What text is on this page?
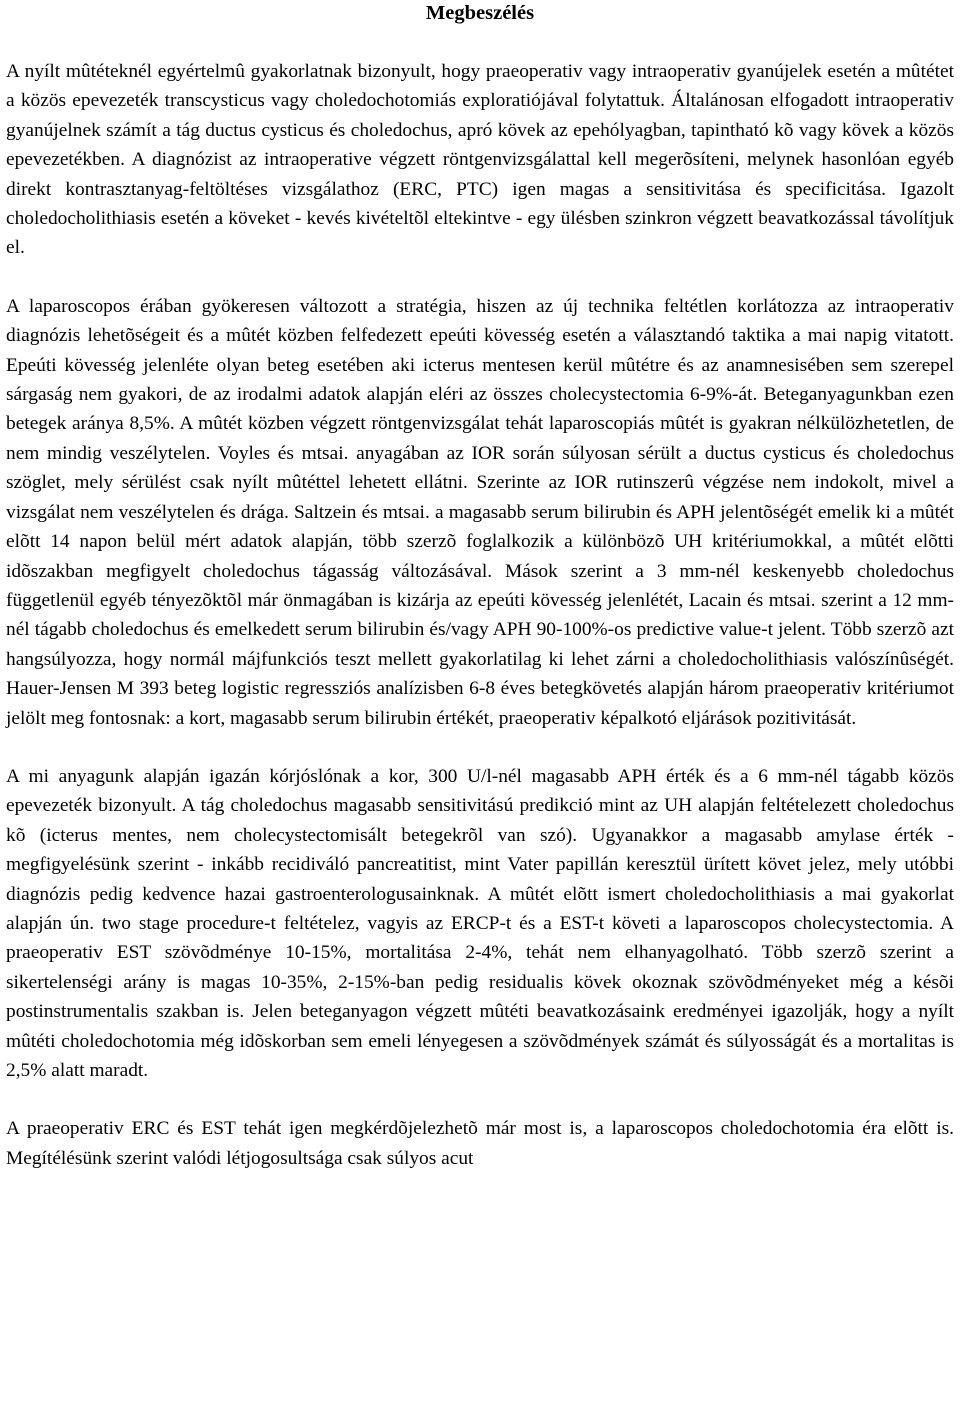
Megbeszélés

A nyílt mûtéteknél egyértelmû gyakorlatnak bizonyult, hogy praeoperativ vagy intraoperativ gyanújelek esetén a mûtétet a közös epevezeték transcysticus vagy choledochotomiás exploratiójával folytattuk. Általánosan elfogadott intraoperativ gyanújelnek számít a tág ductus cysticus és choledochus, apró kövek az epehólyagban, tapintható kõ vagy kövek a közös epevezetékben. A diagnózist az intraoperative végzett röntgenvizsgálattal kell megerõsíteni, melynek hasonlóan egyéb direkt kontrasztanyag-feltöltéses vizsgálathoz (ERC, PTC) igen magas a sensitivitása és specificitása. Igazolt choledocholithiasis esetén a köveket - kevés kivételtõl eltekintve - egy ülésben szinkron végzett beavatkozással távolítjuk el.

A laparoscopos érában gyökeresen változott a stratégia, hiszen az új technika feltétlen korlátozza az intraoperativ diagnózis lehetõségeit és a mûtét közben felfedezett epeúti kövesség esetén a választandó taktika a mai napig vitatott. Epeúti kövesség jelenléte olyan beteg esetében aki icterus mentesen kerül mûtétre és az anamnesisében sem szerepel sárgaság nem gyakori, de az irodalmi adatok alapján eléri az összes cholecystectomia 6-9%-át. Beteganyagunkban ezen betegek aránya 8,5%. A mûtét közben végzett röntgenvizsgálat tehát laparoscopiás mûtét is gyakran nélkülözhetetlen, de nem mindig veszélytelen. Voyles és mtsai. anyagában az IOR során súlyosan sérült a ductus cysticus és choledochus szöglet, mely sérülést csak nyílt mûtéttel lehetett ellátni. Szerinte az IOR rutinszerû végzése nem indokolt, mivel a vizsgálat nem veszélytelen és drága. Saltzein és mtsai. a magasabb serum bilirubin és APH jelentõségét emelik ki a mûtét elõtt 14 napon belül mért adatok alapján, több szerzõ foglalkozik a különbözõ UH kritériumokkal, a mûtét elõtti idõszakban megfigyelt choledochus tágasság változásával. Mások szerint a 3 mm-nél keskenyebb choledochus függetlenül egyéb tényezõktõl már önmagában is kizárja az epeúti kövesség jelenlétét, Lacain és mtsai. szerint a 12 mm-nél tágabb choledochus és emelkedett serum bilirubin és/vagy APH 90-100%-os predictive value-t jelent. Több szerzõ azt hangsúlyozza, hogy normál májfunkciós teszt mellett gyakorlatilag ki lehet zárni a choledocholithiasis valószínûségét. Hauer-Jensen M 393 beteg logistic regressziós analízisben 6-8 éves betegkövetés alapján három praeoperativ kritériumot jelölt meg fontosnak: a kort, magasabb serum bilirubin értékét, praeoperativ képalkotó eljárások pozitivitását.

A mi anyagunk alapján igazán kórjóslónak a kor, 300 U/l-nél magasabb APH érték és a 6 mm-nél tágabb közös epevezeték bizonyult. A tág choledochus magasabb sensitivitású predikció mint az UH alapján feltételezett choledochus kõ (icterus mentes, nem cholecystectomisált betegekrõl van szó). Ugyanakkor a magasabb amylase érték - megfigyelésünk szerint - inkább recidiváló pancreatitist, mint Vater papillán keresztül ürített követ jelez, mely utóbbi diagnózis pedig kedvence hazai gastroenterologusainknak. A mûtét elõtt ismert choledocholithiasis a mai gyakorlat alapján ún. two stage procedure-t feltételez, vagyis az ERCP-t és a EST-t követi a laparoscopos cholecystectomia. A praeoperativ EST szövõdménye 10-15%, mortalitása 2-4%, tehát nem elhanyagolható. Több szerzõ szerint a sikertelenségi arány is magas 10-35%, 2-15%-ban pedig residualis kövek okoznak szövõdményeket még a késõi postinstrumentalis szakban is. Jelen beteganyagon végzett mûtéti beavatkozásaink eredményei igazolják, hogy a nyílt mûtéti choledochotomia még idõskorban sem emeli lényegesen a szövõdmények számát és súlyosságát és a mortalitas is 2,5% alatt maradt.

A praeoperativ ERC és EST tehát igen megkérdõjelezhetõ már most is, a laparoscopos choledochotomia éra elõtt is. Megítélésünk szerint valódi létjogosultsága csak súlyos acut
